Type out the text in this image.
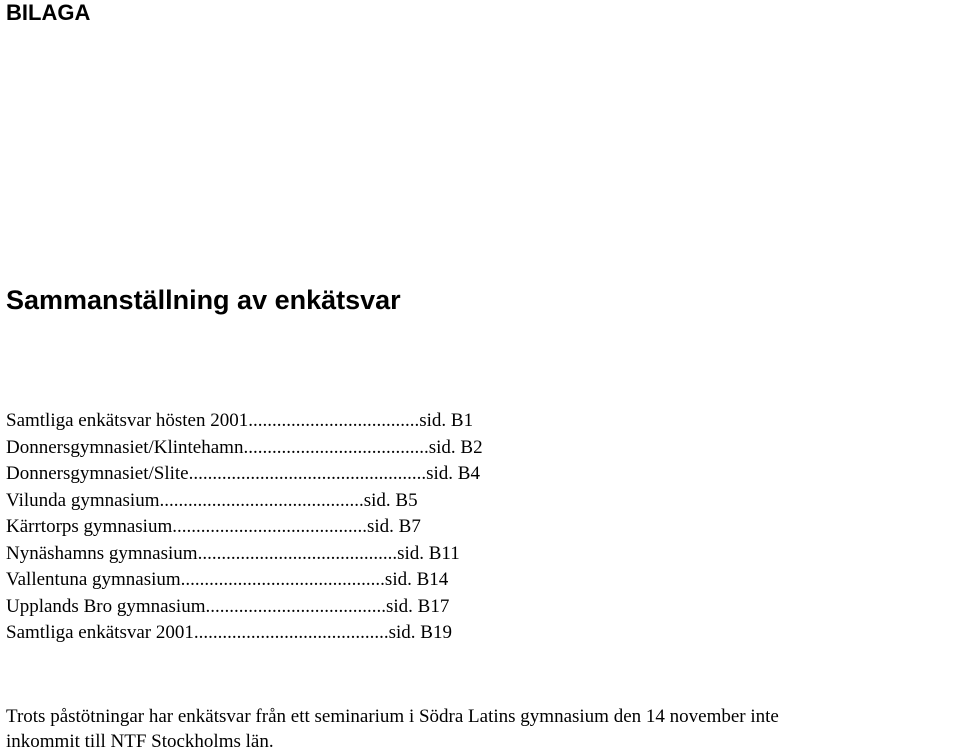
BILAGA
Sammanställning av enkätsvar
Samtliga enkätsvar hösten 2001....................................sid. B1
Donnersgymnasiet/Klintehamn.......................................sid. B2
Donnersgymnasiet/Slite..................................................sid. B4
Vilunda gymnasium...........................................sid. B5
Kärrtorps gymnasium.........................................sid. B7
Nynäshamns gymnasium..........................................sid. B11
Vallentuna gymnasium...........................................sid. B14
Upplands Bro gymnasium......................................sid. B17
Samtliga enkätsvar 2001.........................................sid. B19

Trots påstötningar har enkätsvar från ett seminarium i Södra Latins gymnasium den 14 november inte
inkommit till NTF Stockholms län.
